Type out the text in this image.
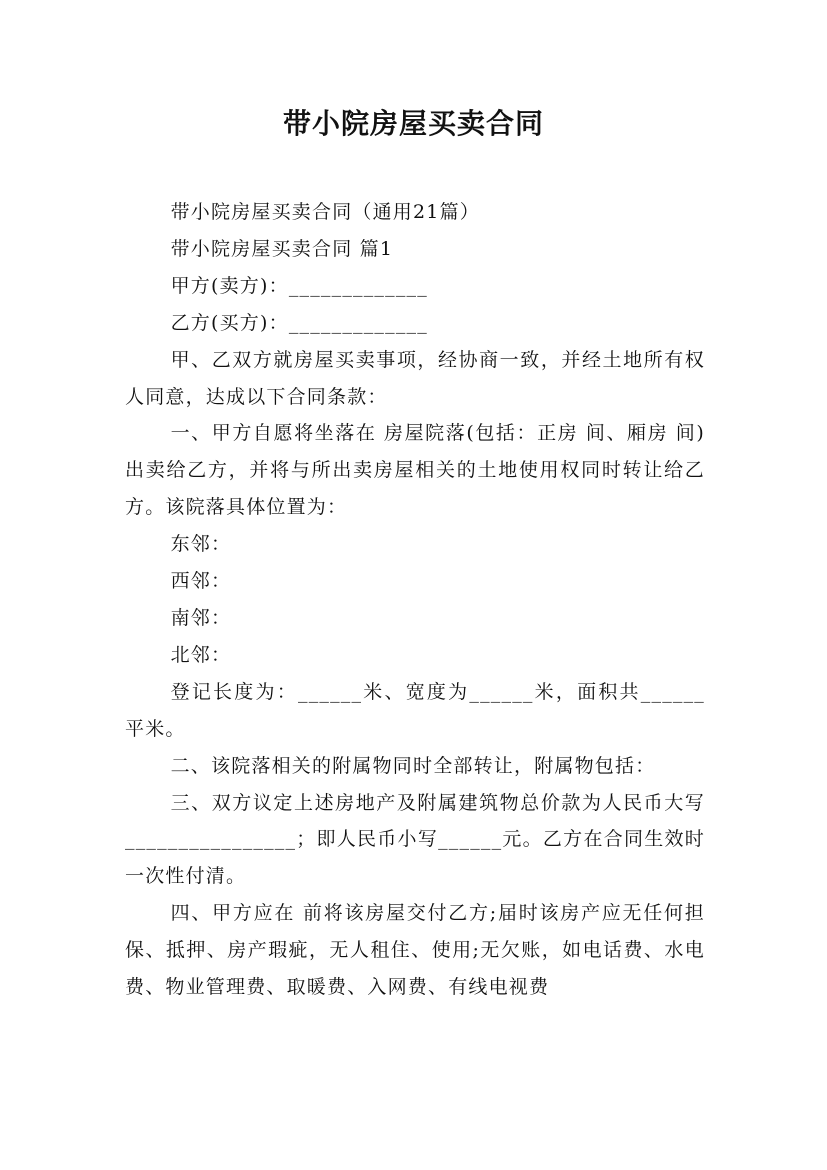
带小院房屋买卖合同

带小院房屋买卖合同（通用21篇）

带小院房屋买卖合同 篇1

甲方(卖方)：_____________

乙方(买方)：_____________

甲、乙双方就房屋买卖事项，经协商一致，并经土地所有权人同意，达成以下合同条款：

一、甲方自愿将坐落在 房屋院落(包括：正房 间、厢房 间)出卖给乙方，并将与所出卖房屋相关的土地使用权同时转让给乙方。该院落具体位置为：

东邻：

西邻：

南邻：

北邻：

登记长度为：______米、宽度为______米，面积共______平米。

二、该院落相关的附属物同时全部转让，附属物包括：

三、双方议定上述房地产及附属建筑物总价款为人民币大写________________；即人民币小写______元。乙方在合同生效时一次性付清。

四、甲方应在 前将该房屋交付乙方;届时该房产应无任何担保、抵押、房产瑕疵，无人租住、使用;无欠账，如电话费、水电费、物业管理费、取暖费、入网费、有线电视费
